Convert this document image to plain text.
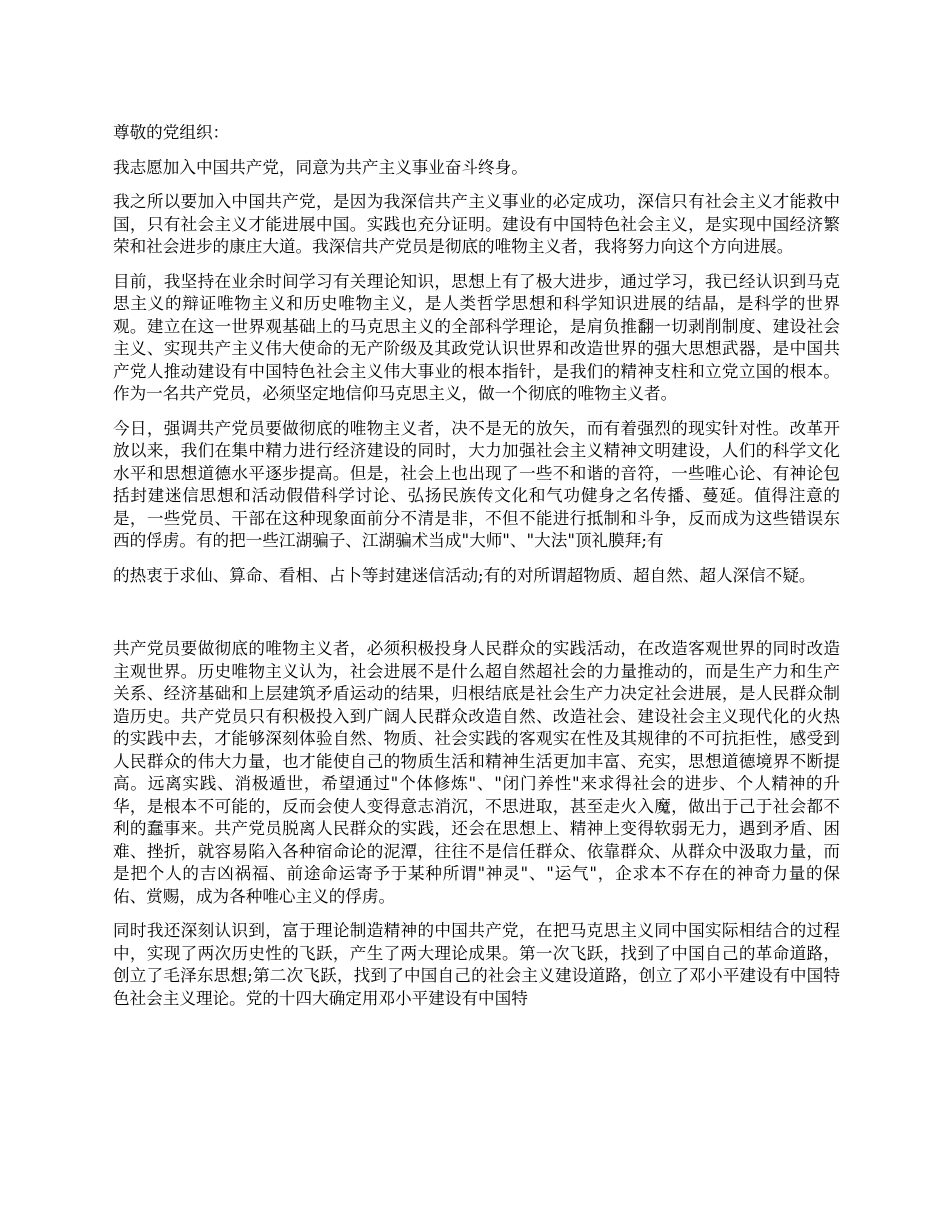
尊敬的党组织：

我志愿加入中国共产党，同意为共产主义事业奋斗终身。

我之所以要加入中国共产党，是因为我深信共产主义事业的必定成功，深信只有社会主义才能救中国，只有社会主义才能进展中国。实践也充分证明。建设有中国特色社会主义，是实现中国经济繁荣和社会进步的康庄大道。我深信共产党员是彻底的唯物主义者，我将努力向这个方向进展。

目前，我坚持在业余时间学习有关理论知识，思想上有了极大进步，通过学习，我已经认识到马克思主义的辩证唯物主义和历史唯物主义，是人类哲学思想和科学知识进展的结晶，是科学的世界观。建立在这一世界观基础上的马克思主义的全部科学理论，是肩负推翻一切剥削制度、建设社会主义、实现共产主义伟大使命的无产阶级及其政党认识世界和改造世界的强大思想武器，是中国共产党人推动建设有中国特色社会主义伟大事业的根本指针，是我们的精神支柱和立党立国的根本。作为一名共产党员，必须坚定地信仰马克思主义，做一个彻底的唯物主义者。

今日，强调共产党员要做彻底的唯物主义者，决不是无的放矢，而有着强烈的现实针对性。改革开放以来，我们在集中精力进行经济建设的同时，大力加强社会主义精神文明建设，人们的科学文化水平和思想道德水平逐步提高。但是，社会上也出现了一些不和谐的音符，一些唯心论、有神论包括封建迷信思想和活动假借科学讨论、弘扬民族传文化和气功健身之名传播、蔓延。值得注意的是，一些党员、干部在这种现象面前分不清是非，不但不能进行抵制和斗争，反而成为这些错误东西的俘虏。有的把一些江湖骗子、江湖骗术当成"大师"、"大法"顶礼膜拜;有

的热衷于求仙、算命、看相、占卜等封建迷信活动;有的对所谓超物质、超自然、超人深信不疑。

共产党员要做彻底的唯物主义者，必须积极投身人民群众的实践活动，在改造客观世界的同时改造主观世界。历史唯物主义认为，社会进展不是什么超自然超社会的力量推动的，而是生产力和生产关系、经济基础和上层建筑矛盾运动的结果，归根结底是社会生产力决定社会进展，是人民群众制造历史。共产党员只有积极投入到广阔人民群众改造自然、改造社会、建设社会主义现代化的火热的实践中去，才能够深刻体验自然、物质、社会实践的客观实在性及其规律的不可抗拒性，感受到人民群众的伟大力量，也才能使自己的物质生活和精神生活更加丰富、充实，思想道德境界不断提高。远离实践、消极遁世，希望通过"个体修炼"、"闭门养性"来求得社会的进步、个人精神的升华，是根本不可能的，反而会使人变得意志消沉，不思进取，甚至走火入魔，做出于己于社会都不利的蠢事来。共产党员脱离人民群众的实践，还会在思想上、精神上变得软弱无力，遇到矛盾、困难、挫折，就容易陷入各种宿命论的泥潭，往往不是信任群众、依靠群众、从群众中汲取力量，而是把个人的吉凶祸福、前途命运寄予于某种所谓"神灵"、"运气"，企求本不存在的神奇力量的保佑、赏赐，成为各种唯心主义的俘虏。

同时我还深刻认识到，富于理论制造精神的中国共产党，在把马克思主义同中国实际相结合的过程中，实现了两次历史性的飞跃，产生了两大理论成果。第一次飞跃，找到了中国自己的革命道路，创立了毛泽东思想;第二次飞跃，找到了中国自己的社会主义建设道路，创立了邓小平建设有中国特色社会主义理论。党的十四大确定用邓小平建设有中国特
